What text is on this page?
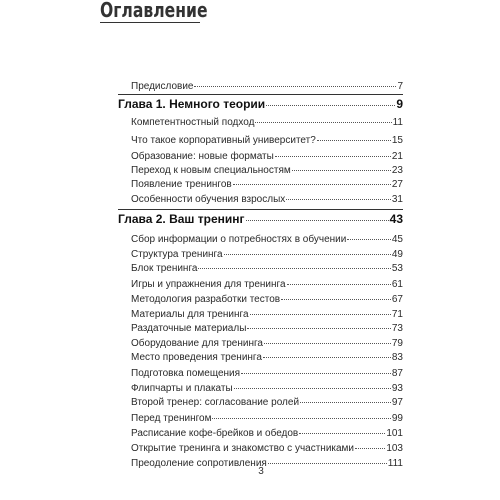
Оглавление
Предисловие	7
Глава 1. Немного теории	9
Компетентностный подход	11
Что такое корпоративный университет?	15
Образование: новые форматы	21
Переход к новым специальностям	23
Появление тренингов	27
Особенности обучения взрослых	31
Глава 2. Ваш тренинг	43
Сбор информации о потребностях в обучении	45
Структура тренинга	49
Блок тренинга	53
Игры и упражнения для тренинга	61
Методология разработки тестов	67
Материалы для тренинга	71
Раздаточные материалы	73
Оборудование для тренинга	79
Место проведения тренинга	83
Подготовка помещения	87
Флипчарты и плакаты	93
Второй тренер: согласование ролей	97
Перед тренингом	99
Расписание кофе-брейков и обедов	101
Открытие тренинга и знакомство с участниками	103
Преодоление сопротивления	111
3
